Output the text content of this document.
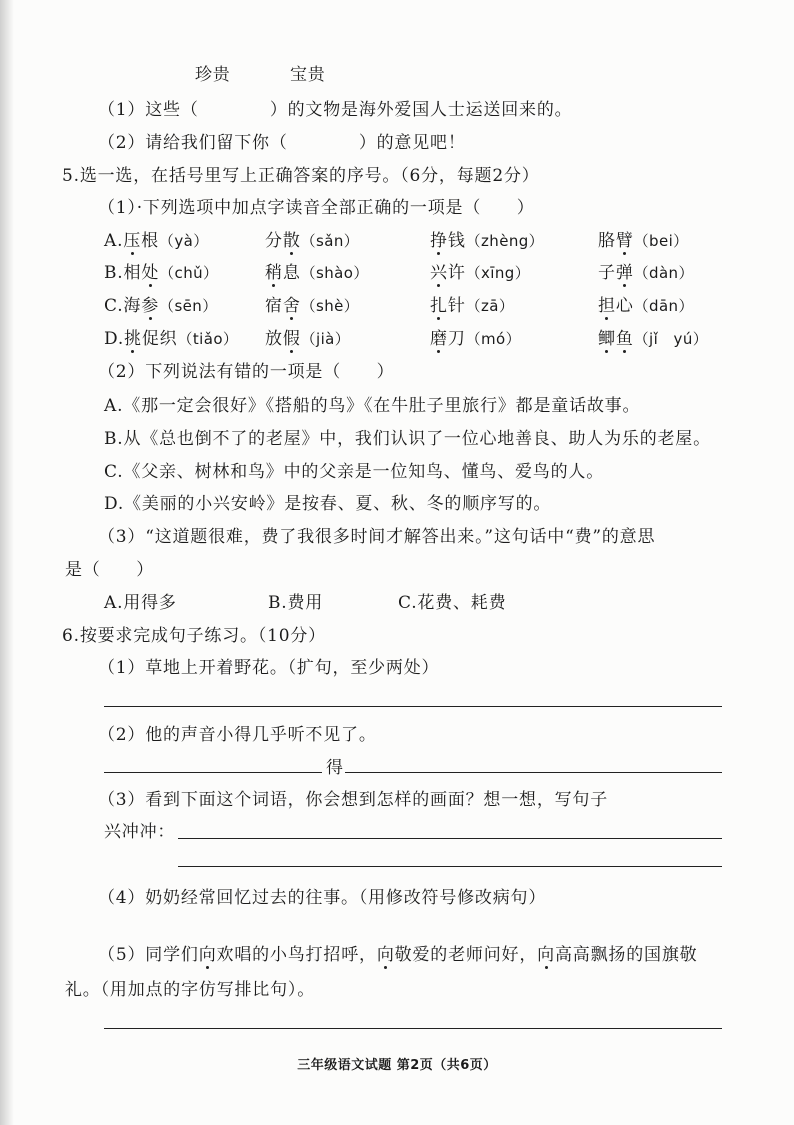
珍贵	宝贵
（1）这些（　　　　）的文物是海外爱国人士运送回来的。
（2）请给我们留下你（　　　　）的意见吧！
5.选一选，在括号里写上正确答案的序号。（6分，每题2分）
（1）·下列选项中加点字读音全部正确的一项是（　　）
A.压根（yà）	分散（sǎn）	挣钱（zhèng）	胳臂（bei）
B.相处（chǔ）	稍息（shào）	兴许（xīng）	子弹（dàn）
C.海参（sēn）	宿舍（shè）	扎针（zā）	担心（dān）
D.挑促织（tiǎo） 放假（jià）	磨刀（mó）	鲫鱼（jǐ　yú）
（2）下列说法有错的一项是（　　）
A.《那一定会很好》《搭船的鸟》《在牛肚子里旅行》都是童话故事。
B.从《总也倒不了的老屋》中，我们认识了一位心地善良、助人为乐的老屋。
C.《父亲、树林和鸟》中的父亲是一位知鸟、懂鸟、爱鸟的人。
D.《美丽的小兴安岭》是按春、夏、秋、冬的顺序写的。
（3）“这道题很难，费了我很多时间才解答出来。”这句话中“费”的意思
是（　　）
A.用得多	B.费用	C.花费、耗费
6.按要求完成句子练习。（10分）
（1）草地上开着野花。（扩句，至少两处）
（2）他的声音小得几乎听不见了。
得
（3）看到下面这个词语，你会想到怎样的画面？想一想，写句子
兴冲冲：
（4）奶奶经常回忆过去的往事。（用修改符号修改病句）
（5）同学们向欢唱的小鸟打招呼，向敬爱的老师问好，向高高飘扬的国旗敬
礼。（用加点的字仿写排比句）。
三年级语文试题 第2页（共6页）
